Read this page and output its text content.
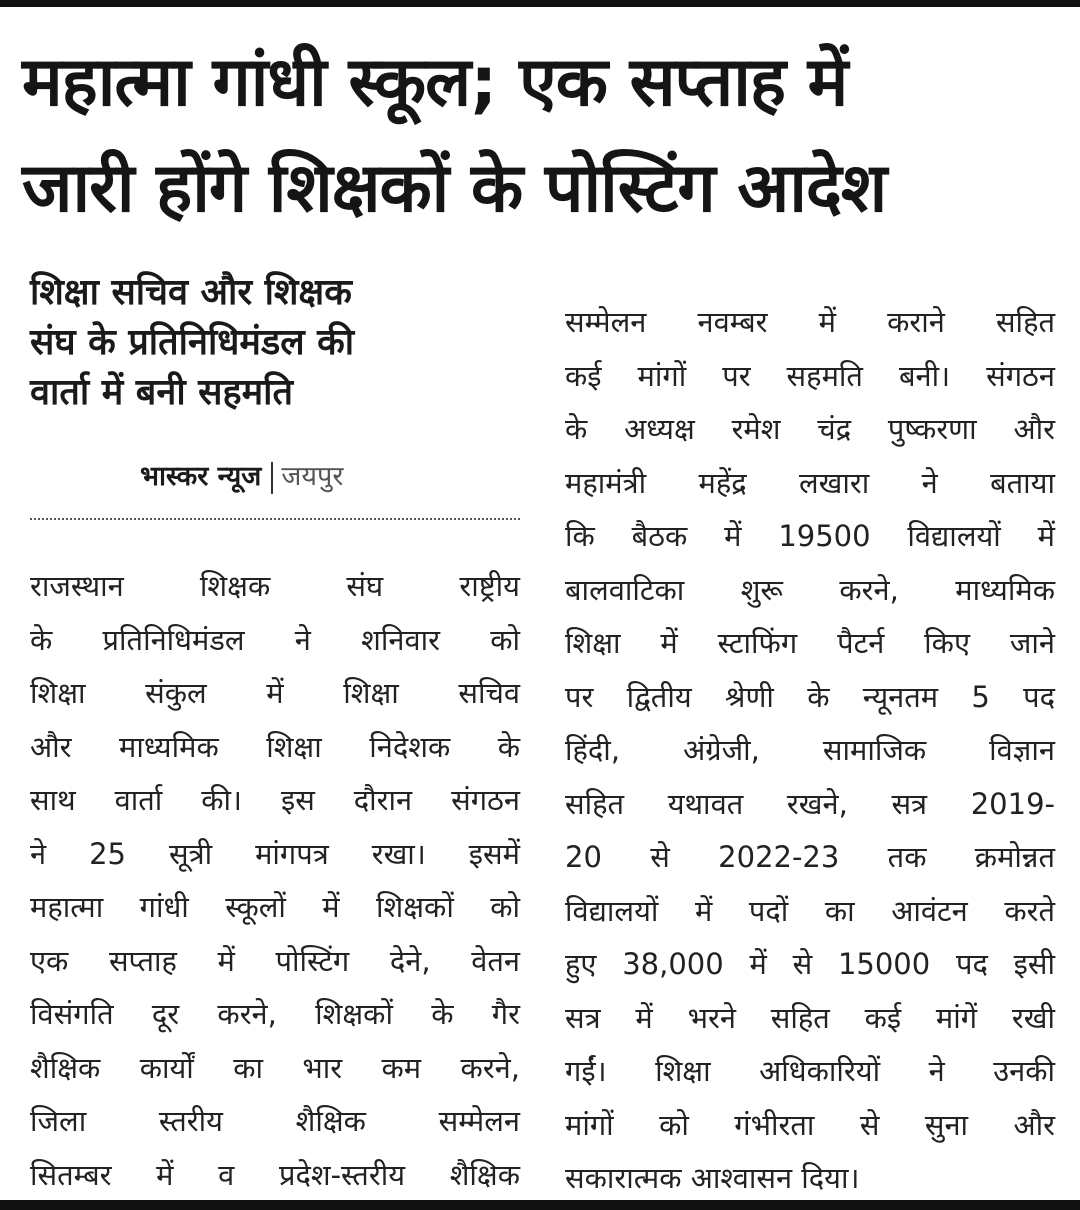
महात्मा गांधी स्कूल; एक सप्ताह में
जारी होंगे शिक्षकों के पोस्टिंग आदेश
शिक्षा सचिव और शिक्षक
संघ के प्रतिनिधिमंडल की
वार्ता में बनी सहमति
भास्कर न्यूज जयपुर
राजस्थान शिक्षक संघ राष्ट्रीय
के प्रतिनिधिमंडल ने शनिवार को
शिक्षा संकुल में शिक्षा सचिव
और माध्यमिक शिक्षा निदेशक के
साथ वार्ता की। इस दौरान संगठन
ने 25 सूत्री मांगपत्र रखा। इसमें
महात्मा गांधी स्कूलों में शिक्षकों को
एक सप्ताह में पोस्टिंग देने, वेतन
विसंगति दूर करने, शिक्षकों के गैर
शैक्षिक कार्यों का भार कम करने,
जिला स्तरीय शैक्षिक सम्मेलन
सितम्बर में व प्रदेश-स्तरीय शैक्षिक
सम्मेलन नवम्बर में कराने सहित
कई मांगों पर सहमति बनी। संगठन
के अध्यक्ष रमेश चंद्र पुष्करणा और
महामंत्री महेंद्र लखारा ने बताया
कि बैठक में 19500 विद्यालयों में
बालवाटिका शुरू करने, माध्यमिक
शिक्षा में स्टाफिंग पैटर्न किए जाने
पर द्वितीय श्रेणी के न्यूनतम 5 पद
हिंदी, अंग्रेजी, सामाजिक विज्ञान
सहित यथावत रखने, सत्र 2019-
20 से 2022-23 तक क्रमोन्नत
विद्यालयों में पदों का आवंटन करते
हुए 38,000 में से 15000 पद इसी
सत्र में भरने सहित कई मांगें रखी
गईं। शिक्षा अधिकारियों ने उनकी
मांगों को गंभीरता से सुना और
सकारात्मक आश्वासन दिया।
